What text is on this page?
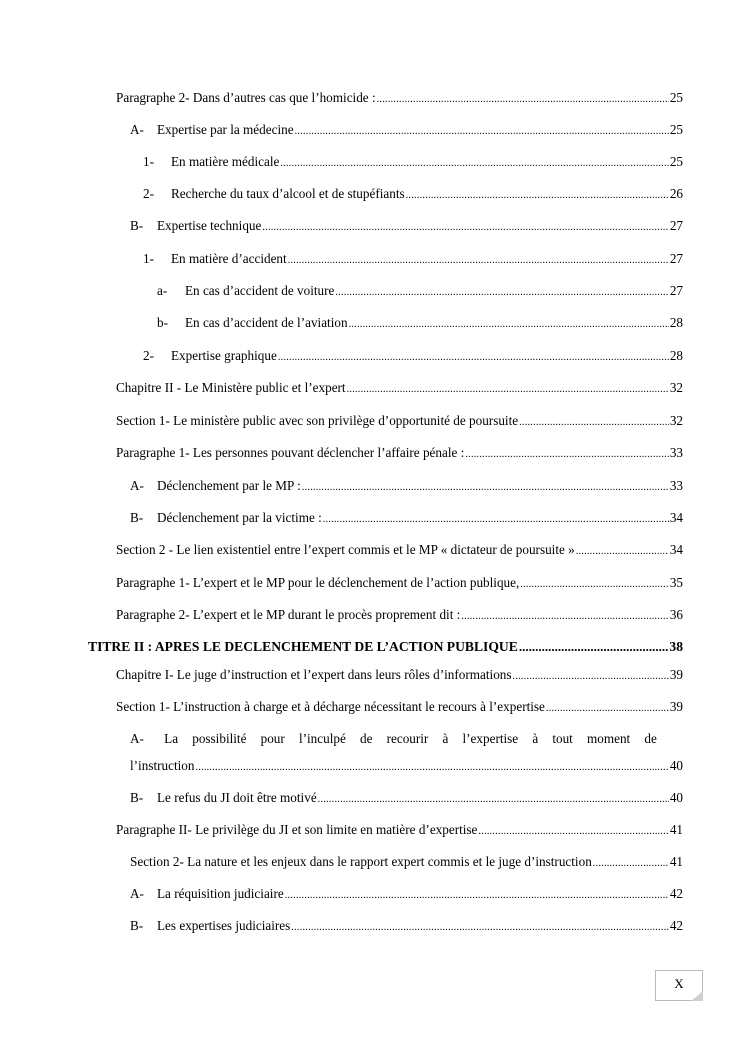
Paragraphe 2- Dans d’autres cas que l’homicide : .....	25
A- Expertise par la médecine .....	25
1- En matière médicale .....	25
2- Recherche du taux d’alcool et de stupéfiants .....	26
B- Expertise technique .....	27
1- En matière d’accident .....	27
a- En cas d’accident de voiture .....	27
b- En cas d’accident de l’aviation .....	28
2- Expertise graphique .....	28
Chapitre II - Le Ministère public et l’expert .....	32
Section 1- Le ministère public avec son privilège d’opportunité de poursuite .....	32
Paragraphe 1- Les personnes pouvant déclencher l’affaire pénale : .....	33
A- Déclenchement par le MP : .....	33
B- Déclenchement par la victime : .....	34
Section 2 - Le lien existentiel entre l’expert commis et le MP « dictateur de poursuite » .....	34
Paragraphe 1- L’expert et le MP pour le déclenchement de l’action publique, .....	35
Paragraphe 2- L’expert et le MP durant le procès proprement dit : .....	36
TITRE II : APRES LE DECLENCHEMENT DE L’ACTION PUBLIQUE .....	38
Chapitre I- Le juge d’instruction et l’expert dans leurs rôles d’informations .....	39
Section 1- L’instruction à charge et à décharge nécessitant le recours à l’expertise .....	39
A-	La possibilité pour l’inculpé de recourir à l’expertise à tout moment de
l’instruction .....	40
B- Le refus du JI doit être motivé .....	40
Paragraphe II- Le privilège du JI et son limite en matière d’expertise .....	41
Section 2- La nature et les enjeux dans le rapport expert commis et le juge d’instruction .....	41
A- La réquisition judiciaire .....	42
B- Les expertises judiciaires .....	42
X
